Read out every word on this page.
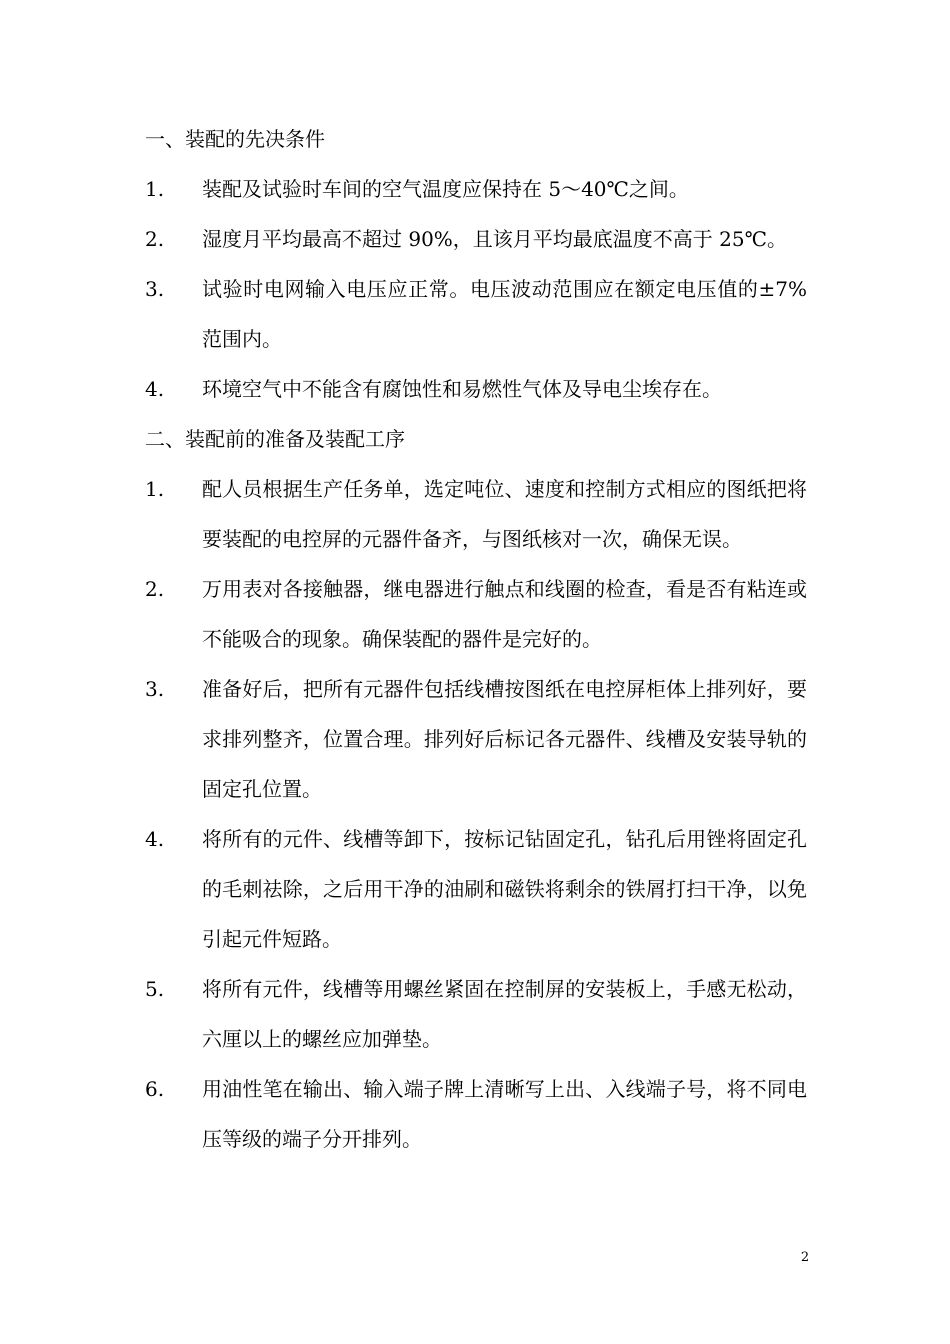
一、装配的先决条件
1.	装配及试验时车间的空气温度应保持在 5～40℃之间。
2.	湿度月平均最高不超过 90%，且该月平均最底温度不高于 25℃。
3.	试验时电网输入电压应正常。电压波动范围应在额定电压值的±7%范围内。
4.	环境空气中不能含有腐蚀性和易燃性气体及导电尘埃存在。
二、装配前的准备及装配工序
1.	配人员根据生产任务单，选定吨位、速度和控制方式相应的图纸把将要装配的电控屏的元器件备齐，与图纸核对一次，确保无误。
2.	万用表对各接触器，继电器进行触点和线圈的检查，看是否有粘连或不能吸合的现象。确保装配的器件是完好的。
3.	准备好后，把所有元器件包括线槽按图纸在电控屏柜体上排列好，要求排列整齐，位置合理。排列好后标记各元器件、线槽及安装导轨的固定孔位置。
4.	将所有的元件、线槽等卸下，按标记钻固定孔，钻孔后用锉将固定孔的毛刺祛除，之后用干净的油刷和磁铁将剩余的铁屑打扫干净，以免引起元件短路。
5.	将所有元件，线槽等用螺丝紧固在控制屏的安装板上，手感无松动，六厘以上的螺丝应加弹垫。
6.	用油性笔在输出、输入端子牌上清晰写上出、入线端子号，将不同电压等级的端子分开排列。
2
